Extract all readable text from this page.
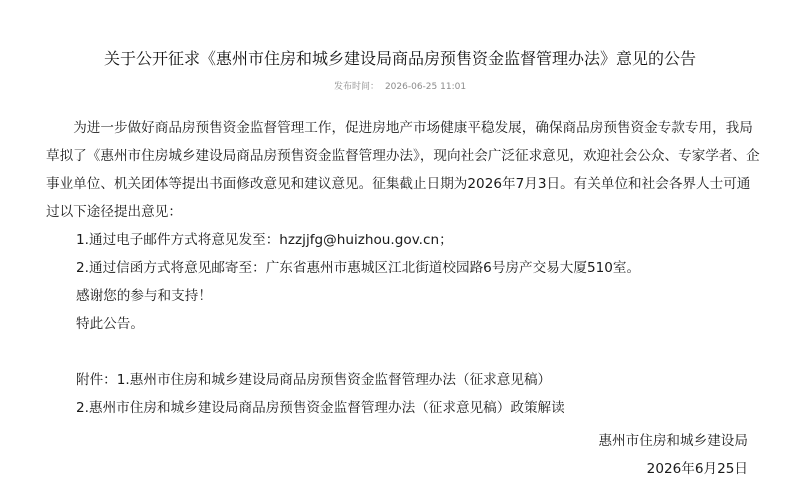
关于公开征求《惠州市住房和城乡建设局商品房预售资金监督管理办法》意见的公告
发布时间： 2026-06-25 11:01

为进一步做好商品房预售资金监督管理工作，促进房地产市场健康平稳发展，确保商品房预售资金专款专用，我局草拟了《惠州市住房城乡建设局商品房预售资金监督管理办法》，现向社会广泛征求意见，欢迎社会公众、专家学者、企事业单位、机关团体等提出书面修改意见和建议意见。征集截止日期为2026年7月3日。有关单位和社会各界人士可通过以下途径提出意见：

1.通过电子邮件方式将意见发至：hzzjjfg@huizhou.gov.cn；

2.通过信函方式将意见邮寄至：广东省惠州市惠城区江北街道校园路6号房产交易大厦510室。

感谢您的参与和支持！

特此公告。

附件：1.惠州市住房和城乡建设局商品房预售资金监督管理办法（征求意见稿）

2.惠州市住房和城乡建设局商品房预售资金监督管理办法（征求意见稿）政策解读

惠州市住房和城乡建设局
2026年6月25日
